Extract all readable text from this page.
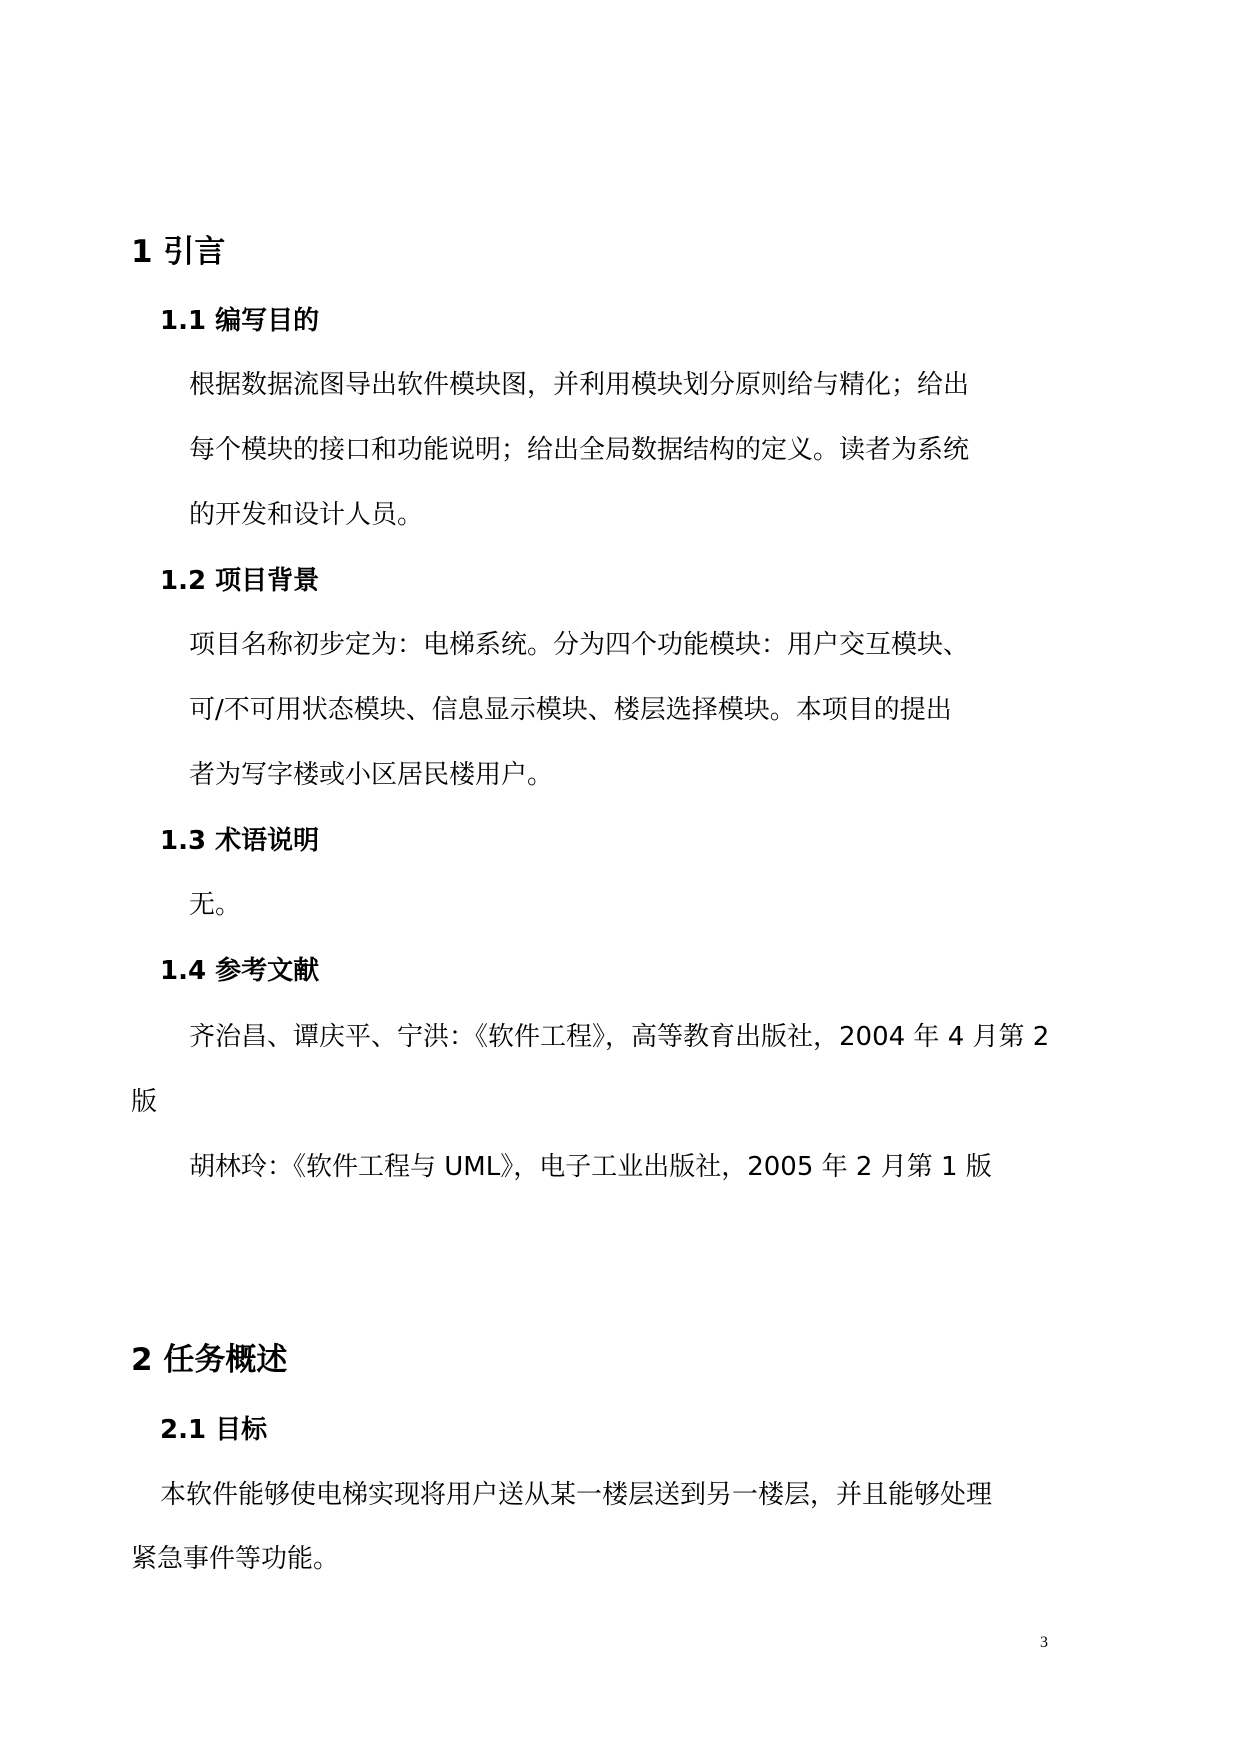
1 引言
1.1 编写目的
根据数据流图导出软件模块图，并利用模块划分原则给与精化；给出
每个模块的接口和功能说明；给出全局数据结构的定义。读者为系统
的开发和设计人员。
1.2 项目背景
项目名称初步定为：电梯系统。分为四个功能模块：用户交互模块、
可/不可用状态模块、信息显示模块、楼层选择模块。本项目的提出
者为写字楼或小区居民楼用户。
1.3 术语说明
无。
1.4 参考文献
齐治昌、谭庆平、宁洪：《软件工程》，高等教育出版社，2004 年 4 月第 2
版
胡林玲：《软件工程与 UML》，电子工业出版社，2005 年 2 月第 1 版
2 任务概述
2.1 目标
本软件能够使电梯实现将用户送从某一楼层送到另一楼层，并且能够处理
紧急事件等功能。
3
